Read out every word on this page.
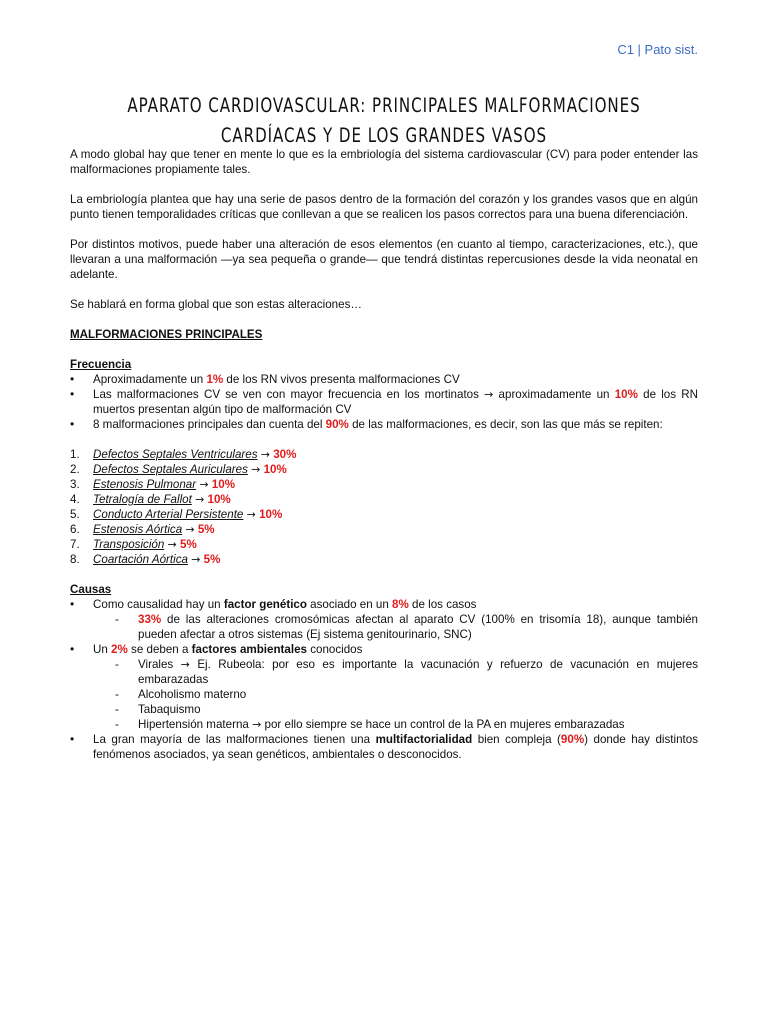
C1 | Pato sist.
APARATO CARDIOVASCULAR: PRINCIPALES MALFORMACIONES CARDÍACAS Y DE LOS GRANDES VASOS

A modo global hay que tener en mente lo que es la embriología del sistema cardiovascular (CV) para poder entender las malformaciones propiamente tales.

La embriología plantea que hay una serie de pasos dentro de la formación del corazón y los grandes vasos que en algún punto tienen temporalidades críticas que conllevan a que se realicen los pasos correctos para una buena diferenciación.

Por distintos motivos, puede haber una alteración de esos elementos (en cuanto al tiempo, caracterizaciones, etc.), que llevaran a una malformación —ya sea pequeña o grande— que tendrá distintas repercusiones desde la vida neonatal en adelante.

Se hablará en forma global que son estas alteraciones…

MALFORMACIONES PRINCIPALES

Frecuencia

• Aproximadamente un 1% de los RN vivos presenta malformaciones CV
• Las malformaciones CV se ven con mayor frecuencia en los mortinatos → aproximadamente un 10% de los RN muertos presentan algún tipo de malformación CV
• 8 malformaciones principales dan cuenta del 90% de las malformaciones, es decir, son las que más se repiten:
1. Defectos Septales Ventriculares → 30%
2. Defectos Septales Auriculares → 10%
3. Estenosis Pulmonar → 10%
4. Tetralogía de Fallot → 10%
5. Conducto Arterial Persistente → 10%
6. Estenosis Aórtica → 5%
7. Transposición → 5%
8. Coartación Aórtica → 5%

Causas

• Como causalidad hay un factor genético asociado en un 8% de los casos
- 33% de las alteraciones cromosómicas afectan al aparato CV (100% en trisomía 18), aunque también pueden afectar a otros sistemas (Ej sistema genitourinario, SNC)
• Un 2% se deben a factores ambientales conocidos
- Virales → Ej. Rubeola: por eso es importante la vacunación y refuerzo de vacunación en mujeres embarazadas
- Alcoholismo materno
- Tabaquismo
- Hipertensión materna → por ello siempre se hace un control de la PA en mujeres embarazadas
• La gran mayoría de las malformaciones tienen una multifactorialidad bien compleja (90%) donde hay distintos fenómenos asociados, ya sean genéticos, ambientales o desconocidos.
